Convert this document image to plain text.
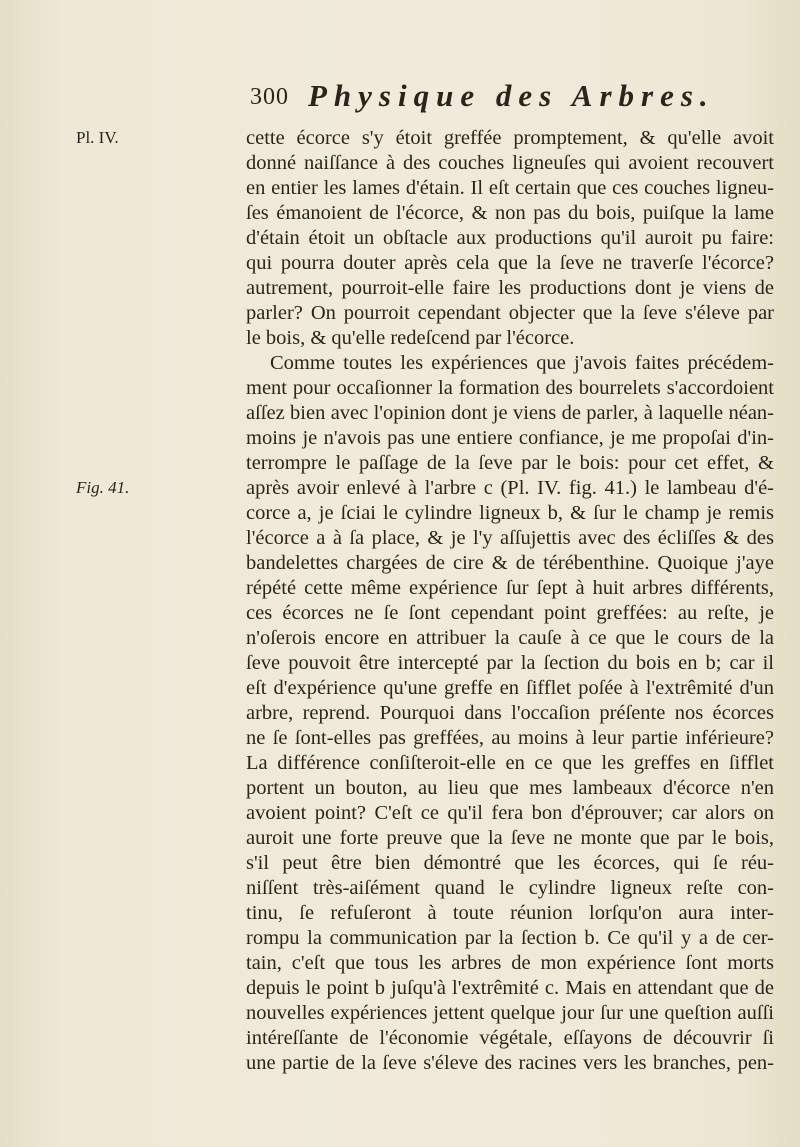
300 Physique des Arbres.
Pl. IV.
Fig. 41.
cette écorce s'y étoit greffée promptement, & qu'elle avoit
donné naiſſance à des couches ligneuſes qui avoient recouvert
en entier les lames d'étain. Il eſt certain que ces couches ligneu-
ſes émanoient de l'écorce, & non pas du bois, puiſque la lame
d'étain étoit un obſtacle aux productions qu'il auroit pu faire:
qui pourra douter après cela que la ſeve ne traverſe l'écorce?
autrement, pourroit-elle faire les productions dont je viens de
parler? On pourroit cependant objecter que la ſeve s'éleve par
le bois, & qu'elle redeſcend par l'écorce.
Comme toutes les expériences que j'avois faites précédem-
ment pour occaſionner la formation des bourrelets s'accordoient
aſſez bien avec l'opinion dont je viens de parler, à laquelle néan-
moins je n'avois pas une entiere confiance, je me propoſai d'in-
terrompre le paſſage de la ſeve par le bois: pour cet effet, &
après avoir enlevé à l'arbre c (Pl. IV. fig. 41.) le lambeau d'é-
corce a, je ſciai le cylindre ligneux b, & ſur le champ je remis
l'écorce a à ſa place, & je l'y aſſujettis avec des écliſſes & des
bandelettes chargées de cire & de térébenthine. Quoique j'aye
répété cette même expérience ſur ſept à huit arbres différents,
ces écorces ne ſe ſont cependant point greffées: au reſte, je
n'oſerois encore en attribuer la cauſe à ce que le cours de la
ſeve pouvoit être intercepté par la ſection du bois en b; car il
eſt d'expérience qu'une greffe en ſifflet poſée à l'extrêmité d'un
arbre, reprend. Pourquoi dans l'occaſion préſente nos écorces
ne ſe ſont-elles pas greffées, au moins à leur partie inférieure?
La différence conſiſteroit-elle en ce que les greffes en ſifflet
portent un bouton, au lieu que mes lambeaux d'écorce n'en
avoient point? C'eſt ce qu'il fera bon d'éprouver; car alors on
auroit une forte preuve que la ſeve ne monte que par le bois,
s'il peut être bien démontré que les écorces, qui ſe réu-
niſſent très-aiſément quand le cylindre ligneux reſte con-
tinu, ſe refuſeront à toute réunion lorſqu'on aura inter-
rompu la communication par la ſection b. Ce qu'il y a de cer-
tain, c'eſt que tous les arbres de mon expérience ſont morts
depuis le point b juſqu'à l'extrêmité c. Mais en attendant que de
nouvelles expériences jettent quelque jour ſur une queſtion auſſi
intéreſſante de l'économie végétale, eſſayons de découvrir ſi
une partie de la ſeve s'éleve des racines vers les branches, pen-
